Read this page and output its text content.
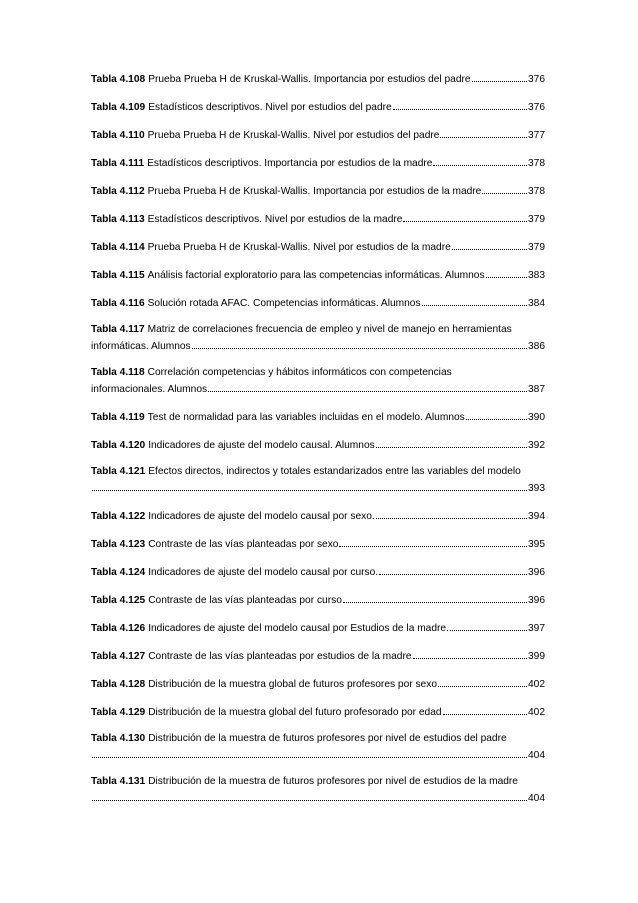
Tabla 4.108 Prueba Prueba H de Kruskal-Wallis. Importancia por estudios del padre	376
Tabla 4.109 Estadísticos descriptivos. Nivel por estudios del padre	376
Tabla 4.110 Prueba Prueba H de Kruskal-Wallis. Nivel por estudios del padre	377
Tabla 4.111 Estadísticos descriptivos. Importancia por estudios de la madre	378
Tabla 4.112 Prueba Prueba H de Kruskal-Wallis. Importancia por estudios de la madre	378
Tabla 4.113 Estadísticos descriptivos. Nivel por estudios de la madre	379
Tabla 4.114 Prueba Prueba H de Kruskal-Wallis. Nivel por estudios de la madre	379
Tabla 4.115 Análisis factorial exploratorio para las competencias informáticas. Alumnos	383
Tabla 4.116 Solución rotada AFAC. Competencias informáticas. Alumnos	384
Tabla 4.117 Matriz de correlaciones frecuencia de empleo y nivel de manejo en herramientas
informáticas. Alumnos	386
Tabla 4.118 Correlación competencias y hábitos informáticos con competencias
informacionales. Alumnos	387
Tabla 4.119 Test de normalidad para las variables incluidas en el modelo. Alumnos	390
Tabla 4.120 Indicadores de ajuste del modelo causal. Alumnos	392
Tabla 4.121 Efectos directos, indirectos y totales estandarizados entre las variables del modelo
393
Tabla 4.122 Indicadores de ajuste del modelo causal por sexo.	394
Tabla 4.123 Contraste de las vías planteadas por sexo	395
Tabla 4.124 Indicadores de ajuste del modelo causal por curso.	396
Tabla 4.125 Contraste de las vías planteadas por curso	396
Tabla 4.126 Indicadores de ajuste del modelo causal por Estudios de la madre.	397
Tabla 4.127 Contraste de las vías planteadas por estudios de la madre	399
Tabla 4.128 Distribución de la muestra global de futuros profesores por sexo	402
Tabla 4.129 Distribución de la muestra global del futuro profesorado por edad	402
Tabla 4.130 Distribución de la muestra de futuros profesores por nivel de estudios del padre
404
Tabla 4.131 Distribución de la muestra de futuros profesores por nivel de estudios de la madre
404
